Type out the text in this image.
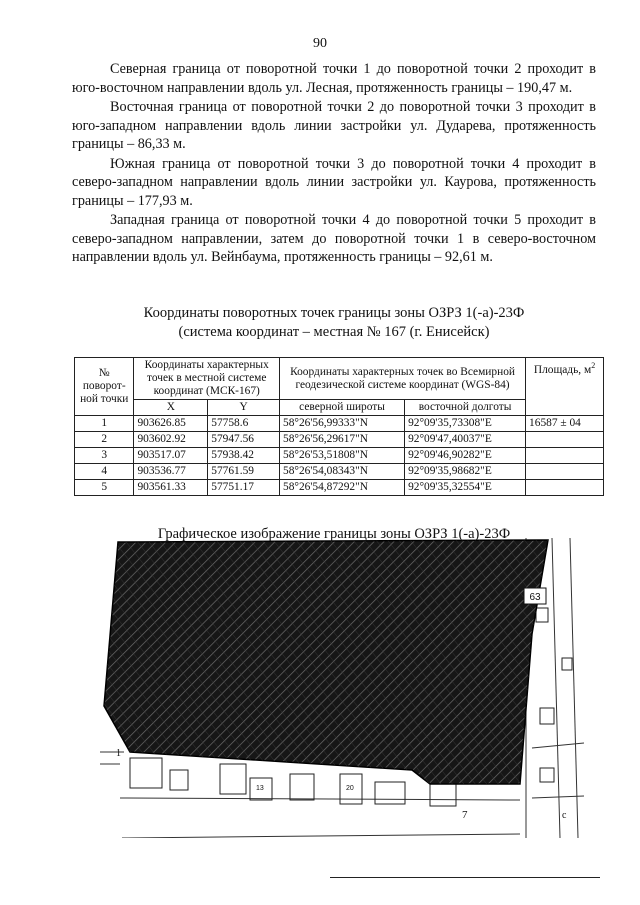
90

Северная граница от поворотной точки 1 до поворотной точки 2 проходит в юго-восточном направлении вдоль ул. Лесная, протяженность границы – 190,47 м.

Восточная граница от поворотной точки 2 до поворотной точки 3 проходит в юго-западном направлении вдоль линии застройки ул. Дударева, протяженность границы – 86,33 м.

Южная граница от поворотной точки 3 до поворотной точки 4 проходит в северо-западном направлении вдоль линии застройки ул. Каурова, протяженность границы – 177,93 м.

Западная граница от поворотной точки 4 до поворотной точки 5 проходит в северо-западном направлении, затем до поворотной точки 1 в северо-восточном направлении вдоль ул. Вейнбаума, протяженность границы – 92,61 м.

Координаты поворотных точек границы зоны ОЗРЗ 1(-а)-23Ф
(система координат – местная № 167 (г. Енисейск)
№ поворот-ной точки	Координаты характерных точек в местной системе координат (МСК-167)		Координаты характерных точек во Всемирной геодезической системе координат (WGS-84)		Площадь, $м^2$
	X	Y	северной широты	восточной долготы	
1	903626.85	57758.6	58°26'56,99333"N	92°09'35,73308"E	16587 ± 04
2	903602.92	57947.56	58°26'56,29617"N	92°09'47,40037"E	
3	903517.07	57938.42	58°26'53,51808"N	92°09'46,90282"E	
4	903536.77	57761.59	58°26'54,08343"N	92°09'35,98682"E	
5	903561.33	57751.17	58°26'54,87292"N	92°09'35,32554"E	
Графическое изображение границы зоны ОЗРЗ 1(-а)-23Ф
63
1
7
13	20
с
